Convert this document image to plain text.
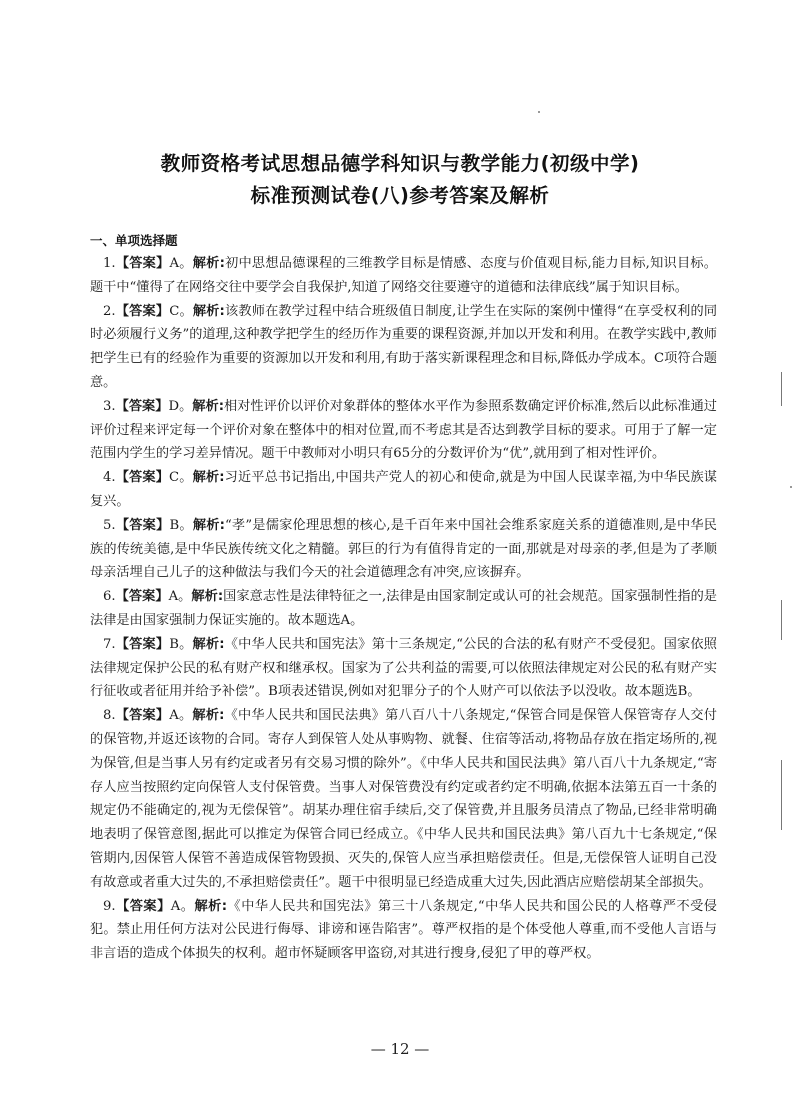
教师资格考试思想品德学科知识与教学能力(初级中学)
标准预测试卷(八)参考答案及解析
一、单项选择题

1.【答案】A。解析:初中思想品德课程的三维教学目标是情感、态度与价值观目标,能力目标,知识目标。题干中“懂得了在网络交往中要学会自我保护,知道了网络交往要遵守的道德和法律底线”属于知识目标。

2.【答案】C。解析:该教师在教学过程中结合班级值日制度,让学生在实际的案例中懂得“在享受权利的同时必须履行义务”的道理,这种教学把学生的经历作为重要的课程资源,并加以开发和利用。在教学实践中,教师把学生已有的经验作为重要的资源加以开发和利用,有助于落实新课程理念和目标,降低办学成本。C项符合题意。

3.【答案】D。解析:相对性评价以评价对象群体的整体水平作为参照系数确定评价标准,然后以此标准通过评价过程来评定每一个评价对象在整体中的相对位置,而不考虑其是否达到教学目标的要求。可用于了解一定范围内学生的学习差异情况。题干中教师对小明只有65分的分数评价为“优”,就用到了相对性评价。

4.【答案】C。解析:习近平总书记指出,中国共产党人的初心和使命,就是为中国人民谋幸福,为中华民族谋复兴。

5.【答案】B。解析:“孝”是儒家伦理思想的核心,是千百年来中国社会维系家庭关系的道德准则,是中华民族的传统美德,是中华民族传统文化之精髓。郭巨的行为有值得肯定的一面,那就是对母亲的孝,但是为了孝顺母亲活埋自己儿子的这种做法与我们今天的社会道德理念有冲突,应该摒弃。

6.【答案】A。解析:国家意志性是法律特征之一,法律是由国家制定或认可的社会规范。国家强制性指的是法律是由国家强制力保证实施的。故本题选A。

7.【答案】B。解析:《中华人民共和国宪法》第十三条规定,“公民的合法的私有财产不受侵犯。国家依照法律规定保护公民的私有财产权和继承权。国家为了公共利益的需要,可以依照法律规定对公民的私有财产实行征收或者征用并给予补偿”。B项表述错误,例如对犯罪分子的个人财产可以依法予以没收。故本题选B。

8.【答案】A。解析:《中华人民共和国民法典》第八百八十八条规定,“保管合同是保管人保管寄存人交付的保管物,并返还该物的合同。寄存人到保管人处从事购物、就餐、住宿等活动,将物品存放在指定场所的,视为保管,但是当事人另有约定或者另有交易习惯的除外”。《中华人民共和国民法典》第八百八十九条规定,“寄存人应当按照约定向保管人支付保管费。当事人对保管费没有约定或者约定不明确,依据本法第五百一十条的规定仍不能确定的,视为无偿保管”。胡某办理住宿手续后,交了保管费,并且服务员清点了物品,已经非常明确地表明了保管意图,据此可以推定为保管合同已经成立。《中华人民共和国民法典》第八百九十七条规定,“保管期内,因保管人保管不善造成保管物毁损、灭失的,保管人应当承担赔偿责任。但是,无偿保管人证明自己没有故意或者重大过失的,不承担赔偿责任”。题干中很明显已经造成重大过失,因此酒店应赔偿胡某全部损失。

9.【答案】A。解析:《中华人民共和国宪法》第三十八条规定,“中华人民共和国公民的人格尊严不受侵犯。禁止用任何方法对公民进行侮辱、诽谤和诬告陷害”。尊严权指的是个体受他人尊重,而不受他人言语与非言语的造成个体损失的权利。超市怀疑顾客甲盗窃,对其进行搜身,侵犯了甲的尊严权。

— 12 —
